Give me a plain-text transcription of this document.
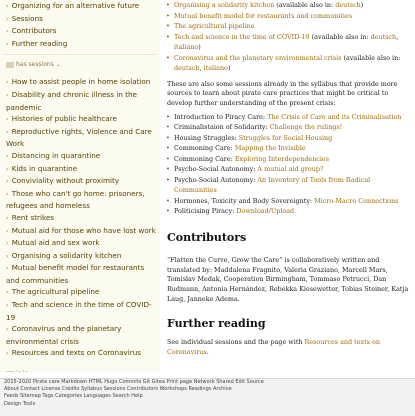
› Organizing for an alternative future
› Sessions
› Contributors
› Further reading
has sessions ⌄
› How to assist people in home isolation
› Disability and chronic illness in the pandemic
› Histories of public healthcare
› Reproductive rights, Violence and Care Work
› Distancing in quarantine
› Kids in quarantine
› Conviviality without proximity
› Those who can't go home: prisoners, refugees and homeless
› Rent strikes
› Mutual aid for those who have lost work
› Mutual aid and sex work
› Organising a solidarity kitchen
› Mutual benefit model for restaurants and communities
› The agricultural pipeline
› Tech and science in the time of COVID-19
› Coronavirus and the planetary environmental crisis
› Resources and texts on Coronavirus
• Organising a solidarity kitchen (available also in: deutsch)
• Mutual benefit model for restaurants and communities
• The agricultural pipeline
• Tech and science in the time of COVID-19 (available also in: deutsch, italiano)
• Coronavirus and the planetary environmental crisis (available also in: deutsch, italiano)

These are also some sessions already in the syllabus that provide more sources to learn about pirate care practices that might be critical to develop further understanding of the present crisis:

• Introduction to Piracy Care: The Crisis of Care and its Criminalisation
• Criminalistaion of Solidarity: Challenge the rulings!
• Housing Struggles: Struggles for Social Housing
• Commoning Care: Mapping the Invisible
• Commoning Care: Exploring Interdependencies
• Psycho-Social Autonomy: A mutual aid group?
• Psycho-Social Autonomy: An Inventory of Tools from Radical Communities
• Hormones, Toxicity and Body Sovereignty: Micro-Macro Connections
• Politicising Piracy: Download/Upload
Contributors

“Flatten the Curve, Grow the Care” is collaboratively written and translated by: Maddalena Fragnito, Valeria Graziano, Marcell Mars, Tomislav Medak, Cooperation Birmingham, Tommaso Petrucci, Dan Rudmann, Antonia Hernández, Rebekka Kiesewetter, Tobias Steiner, Katja Laug, Janneke Adema.

Further reading

See individual sessions and the page with Resources and texts on Coronavirus.

2015-2020 Pirate care Markdown HTML Hugo Commits Git Gitea Print page Network Shared Edit Source
About Contact License Credits Syllabus Sessions Contributors Workshops Readings Archive
Feeds Sitemap Tags Categories Languages Search Help
Design Tools
